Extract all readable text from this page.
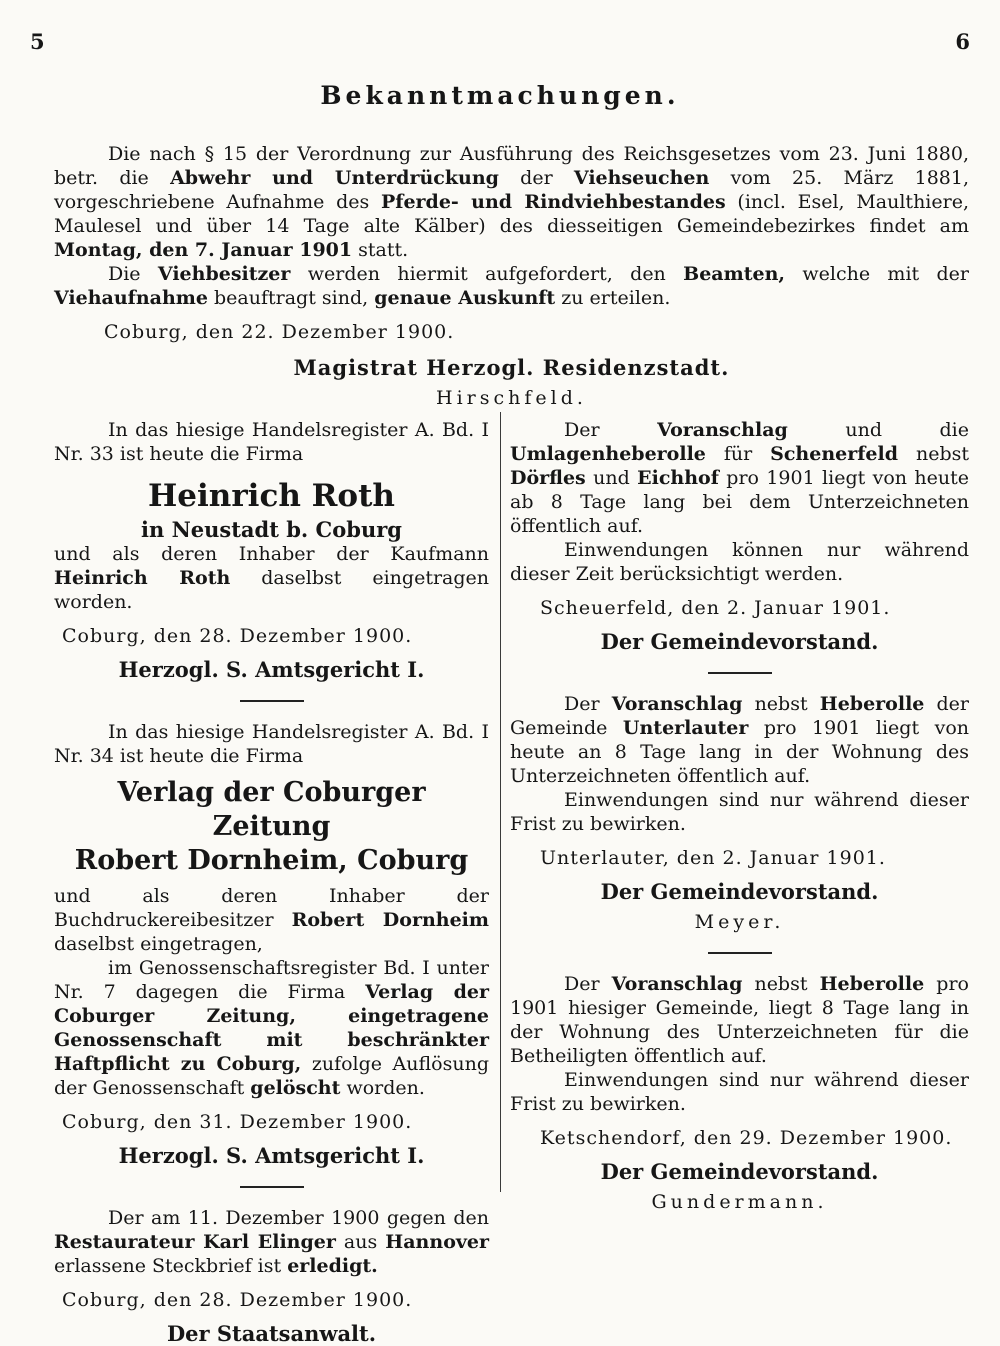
5	6
Bekanntmachungen.

Die nach § 15 der Verordnung zur Ausführung des Reichsgesetzes vom 23. Juni 1880, betr. die Abwehr und Unterdrückung der Viehseuchen vom 25. März 1881, vorgeschriebene Aufnahme des Pferde- und Rindviehbestandes (incl. Esel, Maulthiere, Maulesel und über 14 Tage alte Kälber) des diesseitigen Gemeindebezirkes findet am Montag, den 7. Januar 1901 statt.

Die Viehbesitzer werden hiermit aufgefordert, den Beamten, welche mit der Viehaufnahme beauftragt sind, genaue Auskunft zu erteilen.

Coburg, den 22. Dezember 1900.

Magistrat Herzogl. Residenzstadt.

Hirschfeld.

In das hiesige Handelsregister A. Bd. I Nr. 33 ist heute die Firma

Heinrich Roth

in Neustadt b. Coburg

und als deren Inhaber der Kaufmann Heinrich Roth daselbst eingetragen worden.

Coburg, den 28. Dezember 1900.

Herzogl. S. Amtsgericht I.

In das hiesige Handelsregister A. Bd. I Nr. 34 ist heute die Firma

Verlag der Coburger Zeitung

Robert Dornheim, Coburg

und als deren Inhaber der Buchdruckereibesitzer Robert Dornheim daselbst eingetragen,

im Genossenschaftsregister Bd. I unter Nr. 7 dagegen die Firma Verlag der Coburger Zeitung, eingetragene Genossenschaft mit beschränkter Haftpflicht zu Coburg, zufolge Auflösung der Genossenschaft gelöscht worden.

Coburg, den 31. Dezember 1900.

Herzogl. S. Amtsgericht I.

Der am 11. Dezember 1900 gegen den Restaurateur Karl Elinger aus Hannover erlassene Steckbrief ist erledigt.

Coburg, den 28. Dezember 1900.

Der Staatsanwalt.

Der Voranschlag und die Umlagenheberolle für Schenerfeld nebst Dörfles und Eichhof pro 1901 liegt von heute ab 8 Tage lang bei dem Unterzeichneten öffentlich auf.

Einwendungen können nur während dieser Zeit berücksichtigt werden.

Scheuerfeld, den 2. Januar 1901.

Der Gemeindevorstand.

Der Voranschlag nebst Heberolle der Gemeinde Unterlauter pro 1901 liegt von heute an 8 Tage lang in der Wohnung des Unterzeichneten öffentlich auf.

Einwendungen sind nur während dieser Frist zu bewirken.

Unterlauter, den 2. Januar 1901.

Der Gemeindevorstand.

Meyer.

Der Voranschlag nebst Heberolle pro 1901 hiesiger Gemeinde, liegt 8 Tage lang in der Wohnung des Unterzeichneten für die Betheiligten öffentlich auf.

Einwendungen sind nur während dieser Frist zu bewirken.

Ketschendorf, den 29. Dezember 1900.

Der Gemeindevorstand.

Gundermann.
